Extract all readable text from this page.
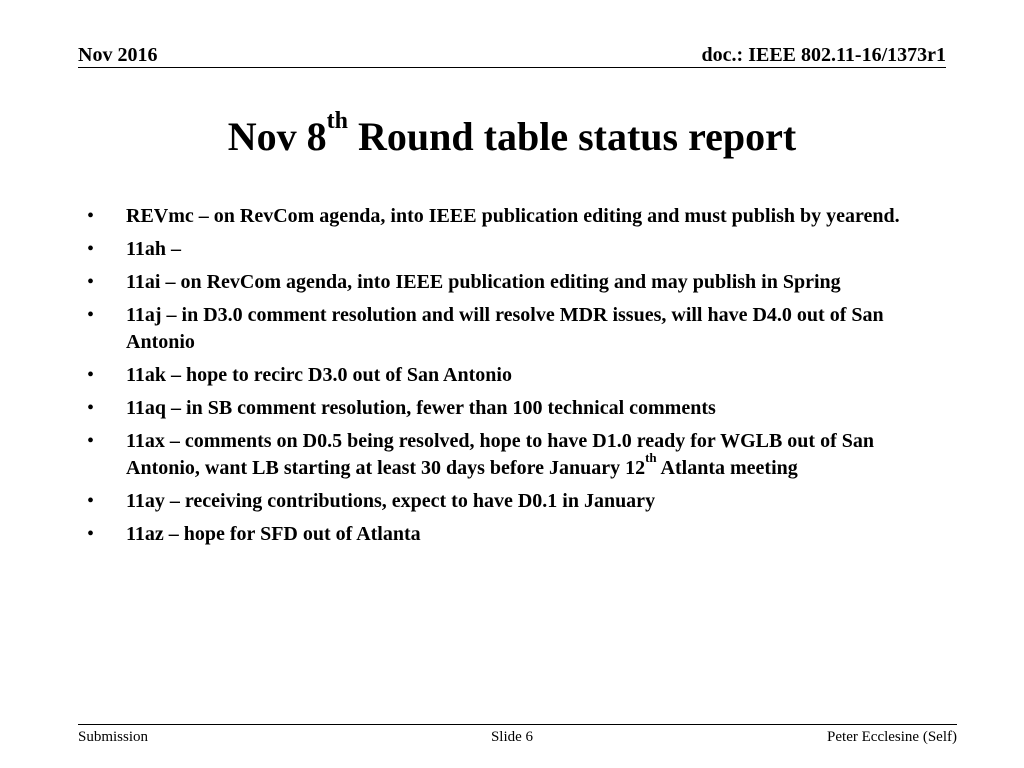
Nov 2016	doc.: IEEE 802.11-16/1373r1
Nov 8th Round table status report
• REVmc – on RevCom agenda, into IEEE publication editing and must publish by yearend.
• 11ah –
• 11ai – on RevCom agenda, into IEEE publication editing and may publish in Spring
• 11aj – in D3.0 comment resolution and will resolve MDR issues, will have D4.0 out of San Antonio
• 11ak – hope to recirc D3.0 out of San Antonio
• 11aq – in SB comment resolution, fewer than 100 technical comments
• 11ax – comments on D0.5 being resolved, hope to have D1.0 ready for WGLB out of San Antonio, want LB starting at least 30 days before January 12th Atlanta meeting
• 11ay – receiving contributions, expect to have D0.1 in January
• 11az – hope for SFD out of Atlanta
Submission	Slide 6	Peter Ecclesine (Self)
